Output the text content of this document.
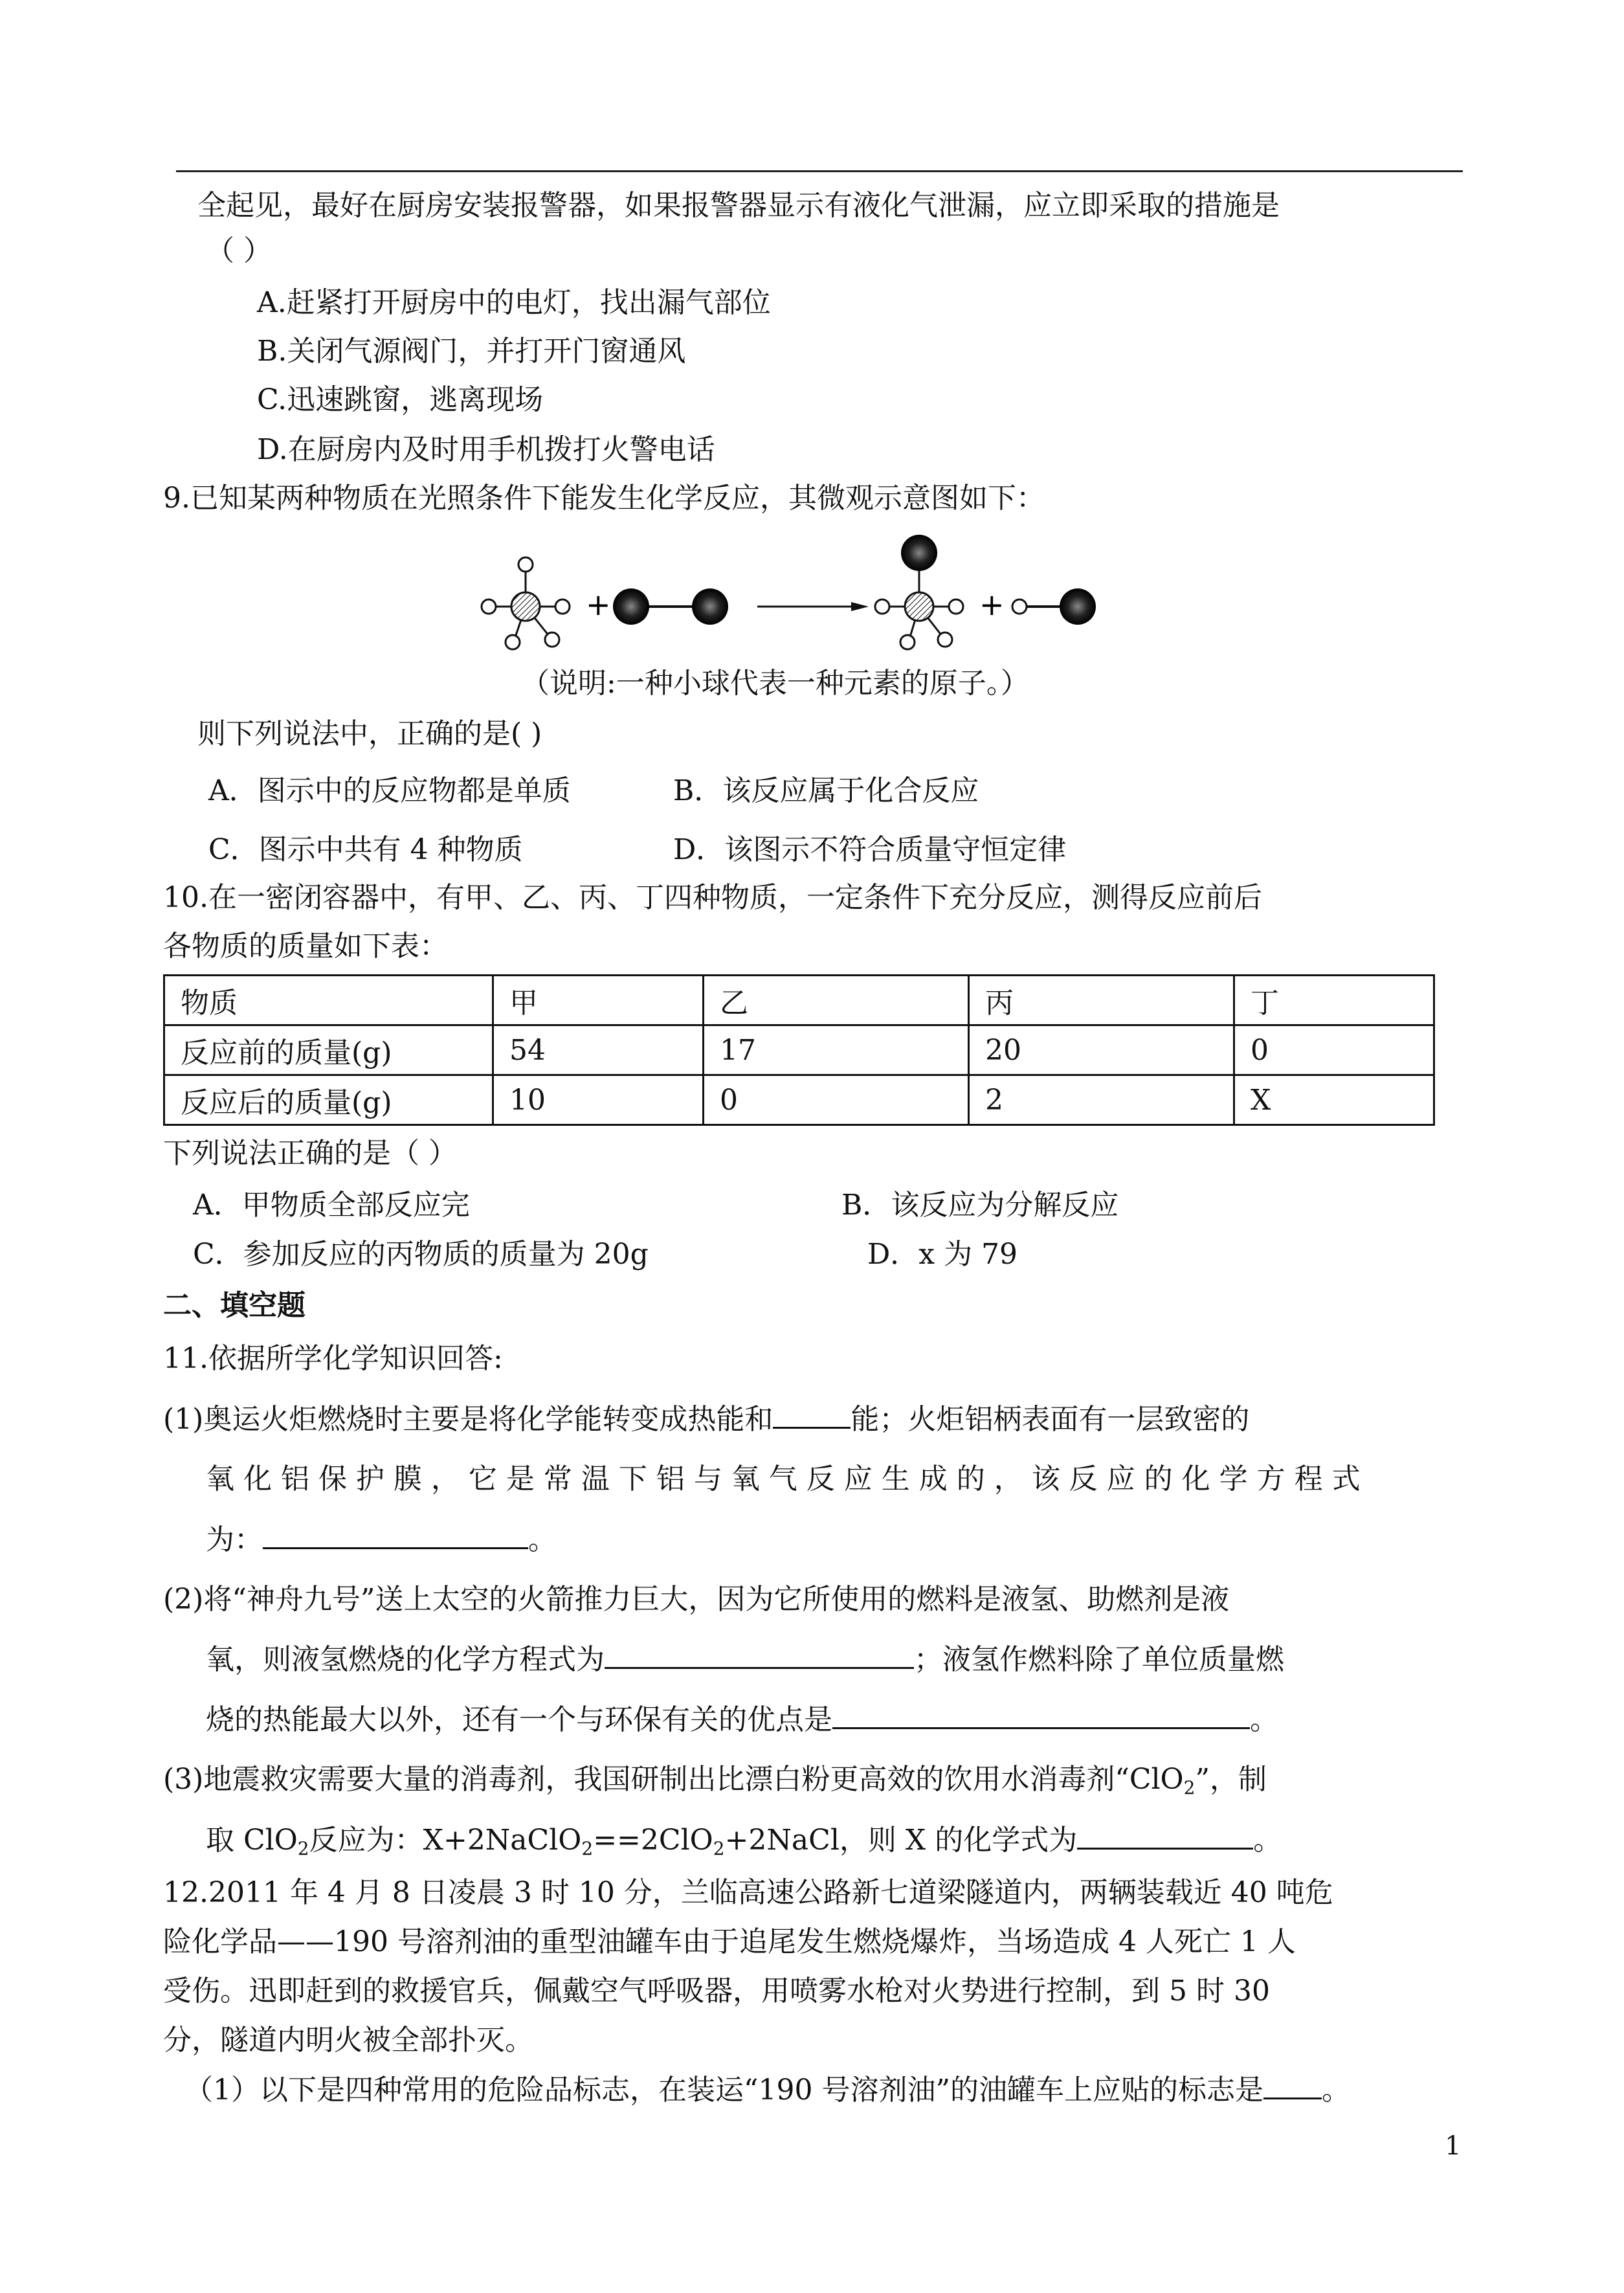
全起见，最好在厨房安装报警器，如果报警器显示有液化气泄漏，应立即采取的措施是
（ ）
A.赶紧打开厨房中的电灯，找出漏气部位
B.关闭气源阀门，并打开门窗通风
C.迅速跳窗，逃离现场
D.在厨房内及时用手机拨打火警电话
9.已知某两种物质在光照条件下能发生化学反应，其微观示意图如下：
+	+
（说明:一种小球代表一种元素的原子。）
则下列说法中，正确的是( )
A．图示中的反应物都是单质	B．该反应属于化合反应
C．图示中共有 4 种物质	D．该图示不符合质量守恒定律
10.在一密闭容器中，有甲、乙、丙、丁四种物质，一定条件下充分反应，测得反应前后
各物质的质量如下表：
物质	甲	乙	丙	丁
反应前的质量(g)	54	17	20	0
反应后的质量(g)	10	0	2	X
下列说法正确的是（ ）
A．甲物质全部反应完	B．该反应为分解反应
C．参加反应的丙物质的质量为 20g	D．x 为 79
二、填空题
11.依据所学化学知识回答:
(1)奥运火炬燃烧时主要是将化学能转变成热能和	能；火炬铝柄表面有一层致密的
氧 化 铝 保 护 膜 ， 它 是 常 温 下 铝 与 氧 气 反 应 生 成 的 ， 该 反 应 的 化 学 方 程 式
为：	。
(2)将“神舟九号”送上太空的火箭推力巨大，因为它所使用的燃料是液氢、助燃剂是液
氧，则液氢燃烧的化学方程式为	；液氢作燃料除了单位质量燃
烧的热能最大以外，还有一个与环保有关的优点是	。
(3)地震救灾需要大量的消毒剂，我国研制出比漂白粉更高效的饮用水消毒剂“ClO$_2$”，制
取 ClO$_2$反应为：X+2NaClO$_2$==2ClO$_2$+2NaCl，则 X 的化学式为	。
12.2011 年 4 月 8 日凌晨 3 时 10 分，兰临高速公路新七道梁隧道内，两辆装载近 40 吨危
险化学品——190 号溶剂油的重型油罐车由于追尾发生燃烧爆炸，当场造成 4 人死亡 1 人
受伤。迅即赶到的救援官兵，佩戴空气呼吸器，用喷雾水枪对火势进行控制，到 5 时 30
分，隧道内明火被全部扑灭。
（1）以下是四种常用的危险品标志，在装运“190 号溶剂油”的油罐车上应贴的标志是 。
1
